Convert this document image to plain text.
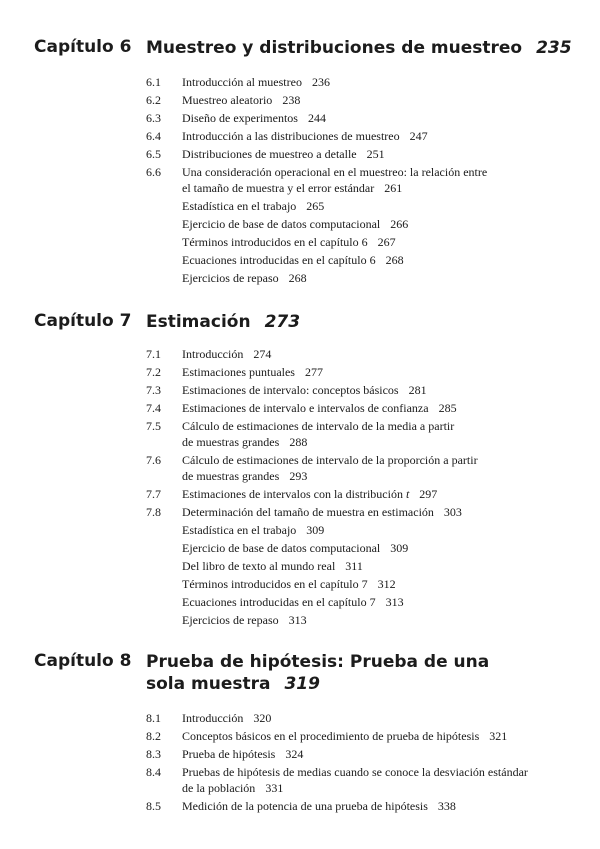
Capítulo 6 Muestreo y distribuciones de muestreo 235
6.1	Introducción al muestreo 236
6.2	Muestreo aleatorio 238
6.3	Diseño de experimentos 244
6.4	Introducción a las distribuciones de muestreo 247
6.5	Distribuciones de muestreo a detalle 251
6.6	Una consideración operacional en el muestreo: la relación entre
el tamaño de muestra y el error estándar 261
Estadística en el trabajo 265
Ejercicio de base de datos computacional 266
Términos introducidos en el capítulo 6 267
Ecuaciones introducidas en el capítulo 6 268
Ejercicios de repaso 268
Capítulo 7 Estimación 273
7.1	Introducción 274
7.2	Estimaciones puntuales 277
7.3	Estimaciones de intervalo: conceptos básicos 281
7.4	Estimaciones de intervalo e intervalos de confianza 285
7.5	Cálculo de estimaciones de intervalo de la media a partir
de muestras grandes 288
7.6	Cálculo de estimaciones de intervalo de la proporción a partir
de muestras grandes 293
7.7	Estimaciones de intervalos con la distribución t 297
7.8	Determinación del tamaño de muestra en estimación 303
Estadística en el trabajo 309
Ejercicio de base de datos computacional 309
Del libro de texto al mundo real 311
Términos introducidos en el capítulo 7 312
Ecuaciones introducidas en el capítulo 7 313
Ejercicios de repaso 313
Capítulo 8 Prueba de hipótesis: Prueba de una
sola muestra 319
8.1	Introducción 320
8.2	Conceptos básicos en el procedimiento de prueba de hipótesis 321
8.3	Prueba de hipótesis 324
8.4	Pruebas de hipótesis de medias cuando se conoce la desviación estándar
de la población 331
8.5	Medición de la potencia de una prueba de hipótesis 338
